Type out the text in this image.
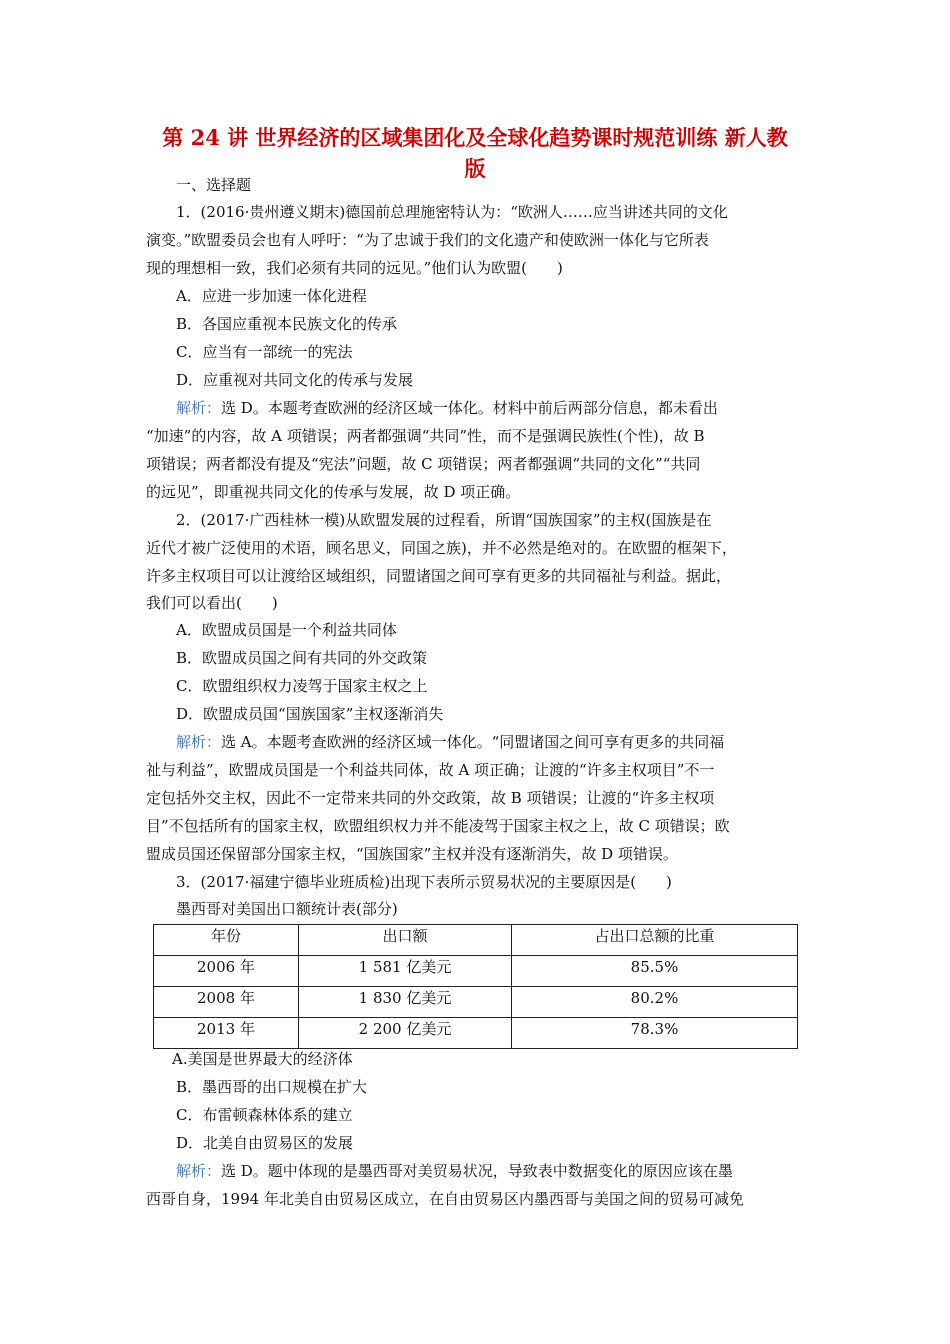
第 24 讲 世界经济的区域集团化及全球化趋势课时规范训练 新人教
版
一、选择题
1．(2016·贵州遵义期末)德国前总理施密特认为：“欧洲人……应当讲述共同的文化
演变。”欧盟委员会也有人呼吁：“为了忠诚于我们的文化遗产和使欧洲一体化与它所表
现的理想相一致，我们必须有共同的远见。”他们认为欧盟(　　)
A．应进一步加速一体化进程
B．各国应重视本民族文化的传承
C．应当有一部统一的宪法
D．应重视对共同文化的传承与发展
解析：选 D。本题考查欧洲的经济区域一体化。材料中前后两部分信息，都未看出
“加速”的内容，故 A 项错误；两者都强调“共同”性，而不是强调民族性(个性)，故 B
项错误；两者都没有提及“宪法”问题，故 C 项错误；两者都强调“共同的文化”“共同
的远见”，即重视共同文化的传承与发展，故 D 项正确。
2．(2017·广西桂林一模)从欧盟发展的过程看，所谓“国族国家”的主权(国族是在
近代才被广泛使用的术语，顾名思义，同国之族)，并不必然是绝对的。在欧盟的框架下，
许多主权项目可以让渡给区域组织，同盟诸国之间可享有更多的共同福祉与利益。据此，
我们可以看出(　　)
A．欧盟成员国是一个利益共同体
B．欧盟成员国之间有共同的外交政策
C．欧盟组织权力凌驾于国家主权之上
D．欧盟成员国“国族国家”主权逐渐消失
解析：选 A。本题考查欧洲的经济区域一体化。“同盟诸国之间可享有更多的共同福
祉与利益”，欧盟成员国是一个利益共同体，故 A 项正确；让渡的“许多主权项目”不一
定包括外交主权，因此不一定带来共同的外交政策，故 B 项错误；让渡的“许多主权项
目”不包括所有的国家主权，欧盟组织权力并不能凌驾于国家主权之上，故 C 项错误；欧
盟成员国还保留部分国家主权，“国族国家”主权并没有逐渐消失，故 D 项错误。
3．(2017·福建宁德毕业班质检)出现下表所示贸易状况的主要原因是(　　)
墨西哥对美国出口额统计表(部分)
年份	出口额	占出口总额的比重
2006 年	1 581 亿美元	85.5%
2008 年	1 830 亿美元	80.2%
2013 年	2 200 亿美元	78.3%
A.美国是世界最大的经济体
B．墨西哥的出口规模在扩大
C．布雷顿森林体系的建立
D．北美自由贸易区的发展
解析：选 D。题中体现的是墨西哥对美贸易状况，导致表中数据变化的原因应该在墨
西哥自身，1994 年北美自由贸易区成立，在自由贸易区内墨西哥与美国之间的贸易可减免
